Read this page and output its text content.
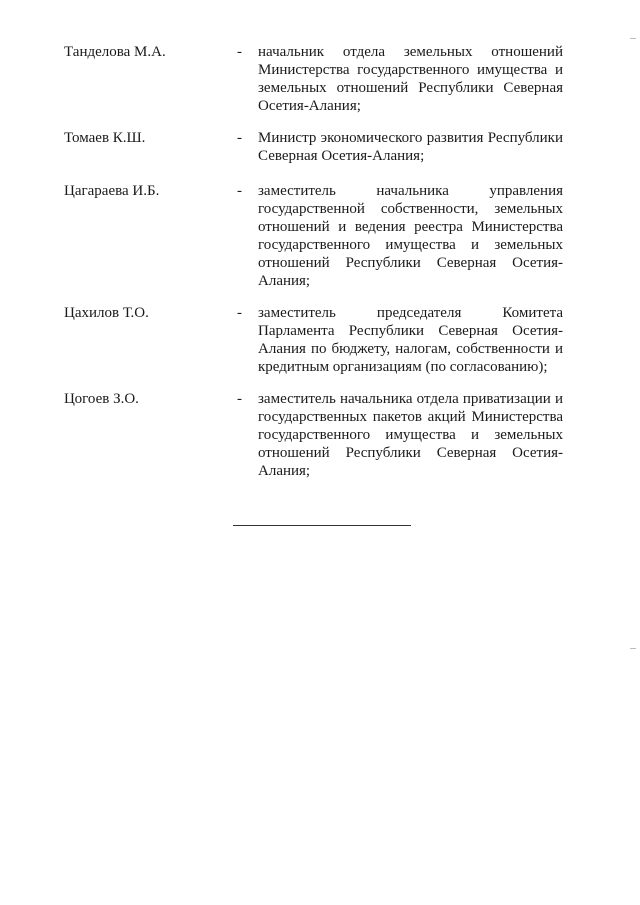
Танделова М.А.	- начальник отдела земельных отношений Министерства государственного имущества и земельных отношений Республики Северная Осетия-Алания;
Томаев К.Ш.	- Министр экономического развития Республики Северная Осетия-Алания;
Цагараева И.Б.	- заместитель начальника управления государственной собственности, земельных отношений и ведения реестра Министерства государственного имущества и земельных отношений Республики Северная Осетия-Алания;
Цахилов Т.О.	- заместитель председателя Комитета Парламента Республики Северная Осетия-Алания по бюджету, налогам, собственности и кредитным организациям (по согласованию);
Цогоев З.О.	- заместитель начальника отдела приватизации и государственных пакетов акций Министерства государственного имущества и земельных отношений Республики Северная Осетия-Алания;
